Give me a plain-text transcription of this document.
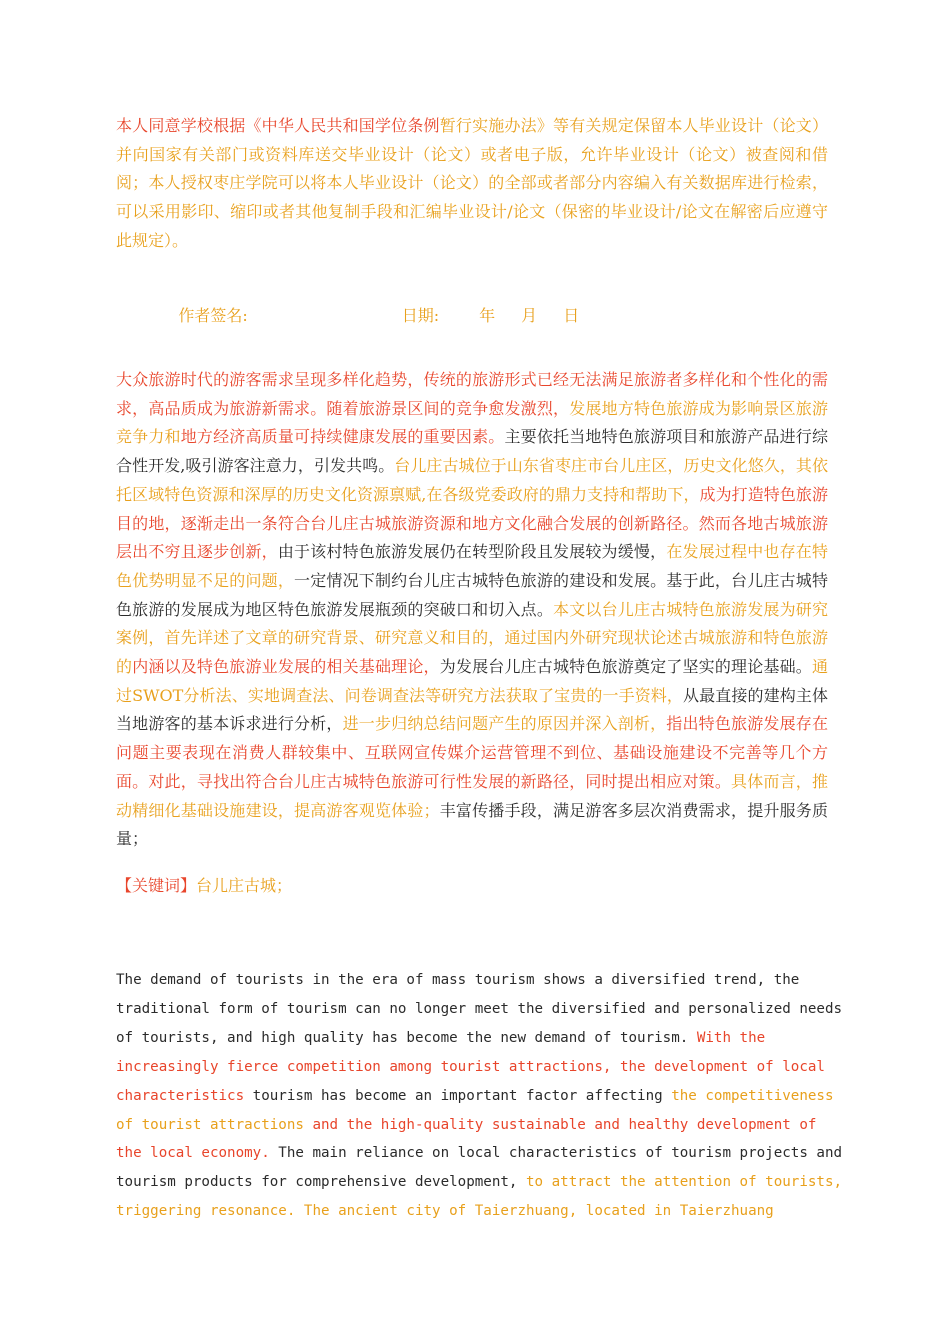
本人同意学校根据《中华人民共和国学位条例暂行实施办法》等有关规定保留本人毕业设计（论文）并向国家有关部门或资料库送交毕业设计（论文）或者电子版，允许毕业设计（论文）被查阅和借阅；本人授权枣庄学院可以将本人毕业设计（论文）的全部或者部分内容编入有关数据库进行检索，可以采用影印、缩印或者其他复制手段和汇编毕业设计/论文（保密的毕业设计/论文在解密后应遵守此规定）。

作者签名:	日期:	年 月 日

大众旅游时代的游客需求呈现多样化趋势，传统的旅游形式已经无法满足旅游者多样化和个性化的需求，高品质成为旅游新需求。随着旅游景区间的竞争愈发激烈，发展地方特色旅游成为影响景区旅游竞争力和地方经济高质量可持续健康发展的重要因素。主要依托当地特色旅游项目和旅游产品进行综合性开发,吸引游客注意力，引发共鸣。台儿庄古城位于山东省枣庄市台儿庄区，历史文化悠久，其依托区域特色资源和深厚的历史文化资源禀赋,在各级党委政府的鼎力支持和帮助下，成为打造特色旅游目的地，逐渐走出一条符合台儿庄古城旅游资源和地方文化融合发展的创新路径。然而各地古城旅游层出不穷且逐步创新，由于该村特色旅游发展仍在转型阶段且发展较为缓慢，在发展过程中也存在特色优势明显不足的问题，一定情况下制约台儿庄古城特色旅游的建设和发展。基于此，台儿庄古城特色旅游的发展成为地区特色旅游发展瓶颈的突破口和切入点。本文以台儿庄古城特色旅游发展为研究案例，首先详述了文章的研究背景、研究意义和目的，通过国内外研究现状论述古城旅游和特色旅游的内涵以及特色旅游业发展的相关基础理论，为发展台儿庄古城特色旅游奠定了坚实的理论基础。通过SWOT分析法、实地调查法、问卷调查法等研究方法获取了宝贵的一手资料，从最直接的建构主体当地游客的基本诉求进行分析，进一步归纳总结问题产生的原因并深入剖析，指出特色旅游发展存在问题主要表现在消费人群较集中、互联网宣传媒介运营管理不到位、基础设施建设不完善等几个方面。对此，寻找出符合台儿庄古城特色旅游可行性发展的新路径，同时提出相应对策。具体而言，推动精细化基础设施建设，提高游客观览体验；丰富传播手段，满足游客多层次消费需求，提升服务质量；
【关键词】台儿庄古城；
The demand of tourists in the era of mass tourism shows a diversified trend, the
traditional form of tourism can no longer meet the diversified and personalized needs
of tourists, and high quality has become the new demand of tourism. With the
increasingly fierce competition among tourist attractions, the development of local
characteristics tourism has become an important factor affecting the competitiveness
of tourist attractions and the high-quality sustainable and healthy development of
the local economy. The main reliance on local characteristics of tourism projects and
tourism products for comprehensive development, to attract the attention of tourists,
triggering resonance. The ancient city of Taierzhuang, located in Taierzhuang
